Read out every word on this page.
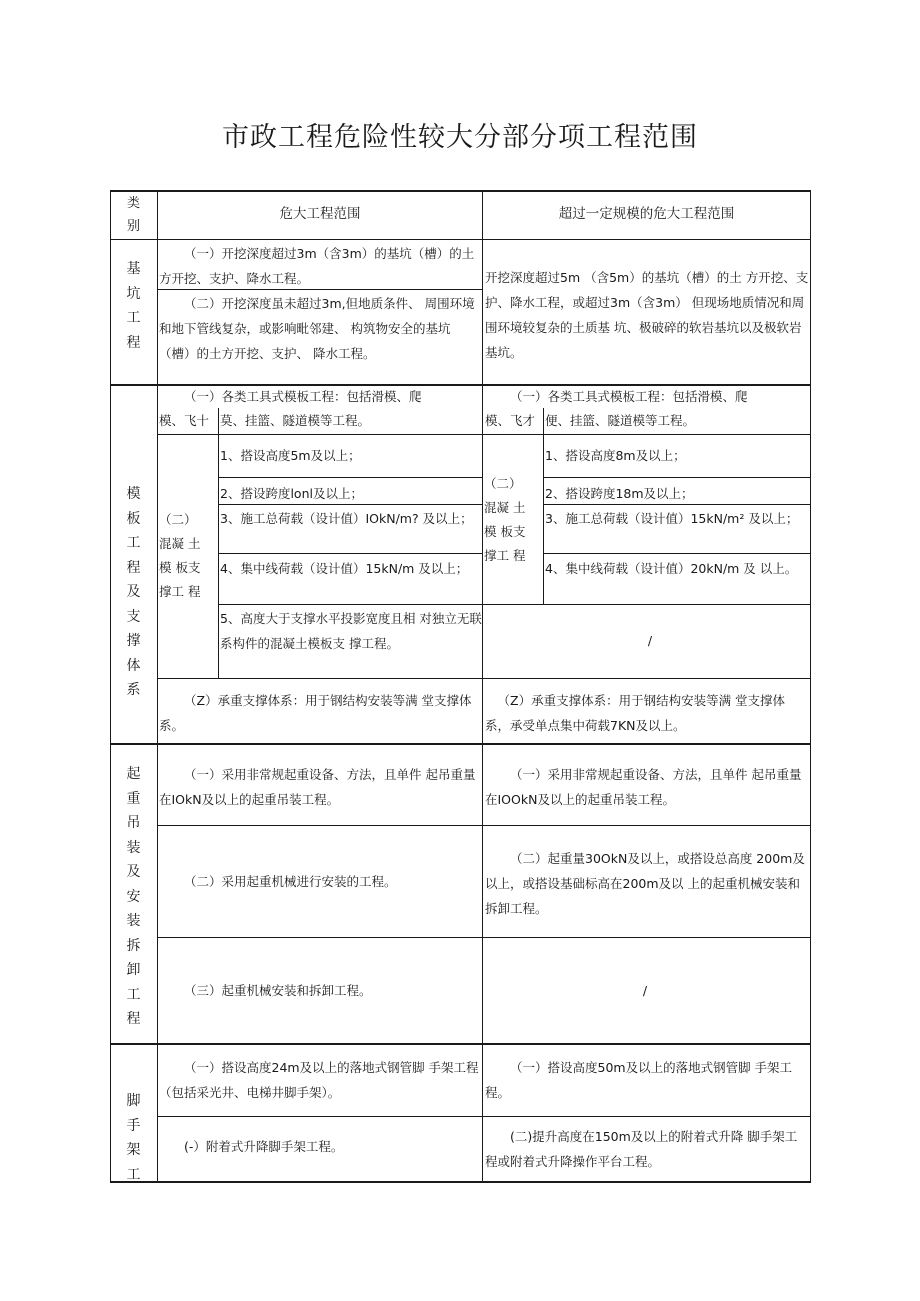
市政工程危险性较大分部分项工程范围
类
别
危大工程范围	超过一定规模的危大工程范围
基
坑
工
程
（一）开挖深度超过3m（含3m）的基坑（槽）的土方开挖、支护、降水工程。
（二）开挖深度虽未超过3m,但地质条件、 周围环境和地下管线复杂，或影响毗邻建、 构筑物安全的基坑（槽）的土方开挖、支护、 降水工程。
开挖深度超过5m （含5m）的基坑（槽）的土 方开挖、支护、降水工程，或超过3m（含3m） 但现场地质情况和周围环境较复杂的土质基 坑、极破碎的软岩基坑以及极软岩基坑。
模
板
工
程
及
支
撑
体
系
（一）各类工具式模板工程：包括滑模、爬
模、飞十 莫、挂篮、隧道模等工程。
（一）各类工具式模板工程：包括滑模、爬
模、飞才 便、挂篮、隧道模等工程。
（二）
混凝 土
模 板支
撑工 程
（二）
混凝 土
模 板支
撑工 程
1、搭设高度5m及以上；
2、搭设跨度lonl及以上；
3、施工总荷载（设计值）IOkN/m? 及以上；
4、集中线荷载（设计值）15kN∕m 及以上；
5、高度大于支撑水平投影宽度且相 对独立无联系构件的混凝土模板支 撑工程。
1、搭设高度8m及以上；
2、搭设跨度18m及以上；
3、施工总荷载（设计值）15kN∕m² 及以上；
4、集中线荷载（设计值）20kN∕m 及 以上。
/
（Z）承重支撑体系：用于钢结构安装等满 堂支撑体系。
（Z）承重支撑体系：用于钢结构安装等满 堂支撑体系，承受单点集中荷载7KN及以上。
起
重
吊
装
及
安
装
拆
卸
工
程
（一）采用非常规起重设备、方法，且单件 起吊重量在IOkN及以上的起重吊装工程。
（一）采用非常规起重设备、方法，且单件 起吊重量在IOOkN及以上的起重吊装工程。
（二）采用起重机械进行安装的工程。
（二）起重量30OkN及以上，或搭设总高度 200m及以上，或搭设基础标高在200m及以 上的起重机械安装和拆卸工程。
（三）起重机械安装和拆卸工程。	/
脚
手
架
工
（一）搭设高度24m及以上的落地式钢管脚 手架工程（包括采光井、电梯井脚手架）。
（一）搭设高度50m及以上的落地式钢管脚 手架工程。
(-）附着式升降脚手架工程。
(二)提升高度在150m及以上的附着式升降 脚手架工程或附着式升降操作平台工程。
